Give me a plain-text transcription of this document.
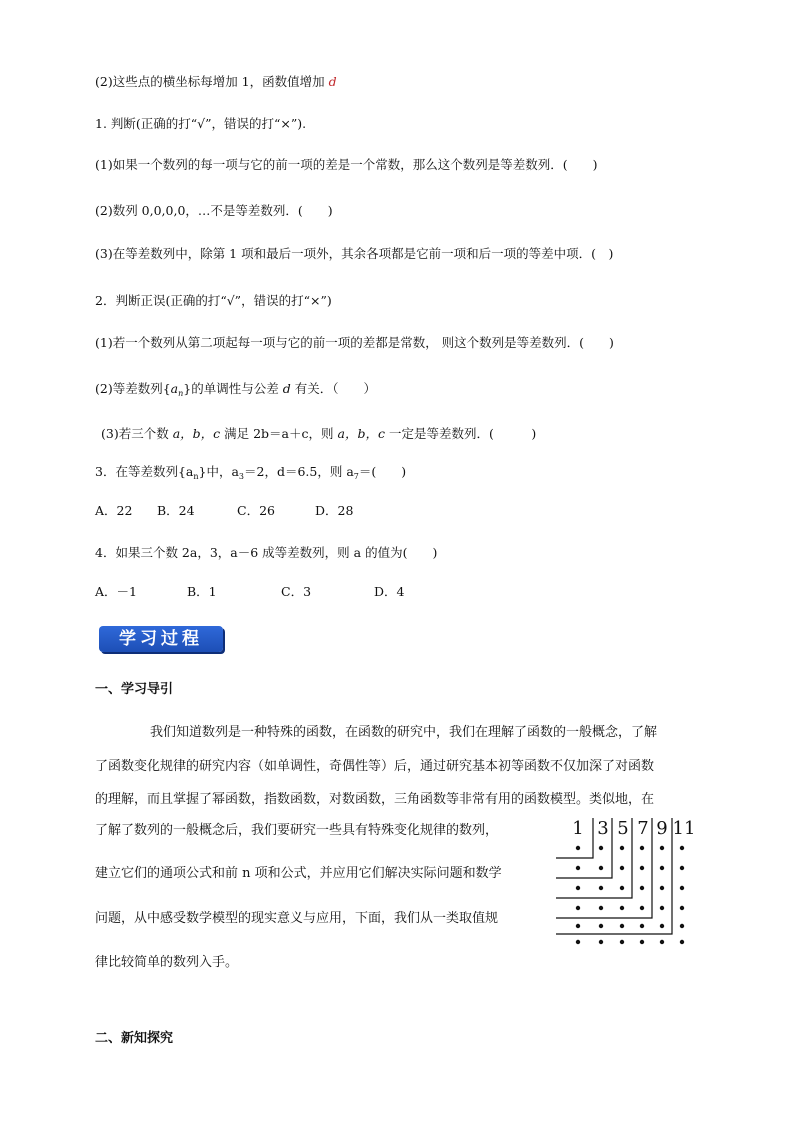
(2)这些点的横坐标每增加 1，函数值增加 d
1. 判断(正确的打“√”，错误的打“×”).
(1)如果一个数列的每一项与它的前一项的差是一个常数，那么这个数列是等差数列．(　　)
(2)数列 0,0,0,0，…不是等差数列．(　　)
(3)在等差数列中，除第 1 项和最后一项外，其余各项都是它前一项和后一项的等差中项．(　)
2．判断正误(正确的打“√”，错误的打“×”)
(1)若一个数列从第二项起每一项与它的前一项的差都是常数， 则这个数列是等差数列．(　　)
(2)等差数列$\{a_n\}$的单调性与公差 d 有关．（　　）
(3)若三个数 a，b，c 满足 2b＝a＋c，则 a，b，c 一定是等差数列．(　　　)
3．在等差数列$\{a_n\}$中，$a_3=2$，d＝6.5，则 $a_7=$(　　)
A．22 B．24	C．26	D．28
4．如果三个数 2a，3，a－6 成等差数列，则 a 的值为(　　)
A．－1	B．1	C．3	D．4
学习过程
一、学习导引
我们知道数列是一种特殊的函数，在函数的研究中，我们在理解了函数的一般概念，了解
了函数变化规律的研究内容（如单调性，奇偶性等）后，通过研究基本初等函数不仅加深了对函数
的理解，而且掌握了幂函数，指数函数，对数函数，三角函数等非常有用的函数模型。类似地，在
了解了数列的一般概念后，我们要研究一些具有特殊变化规律的数列，
建立它们的通项公式和前 n 项和公式，并应用它们解决实际问题和数学
问题，从中感受数学模型的现实意义与应用，下面，我们从一类取值规
律比较简单的数列入手。
1 3 5 7 9 11
二、新知探究
